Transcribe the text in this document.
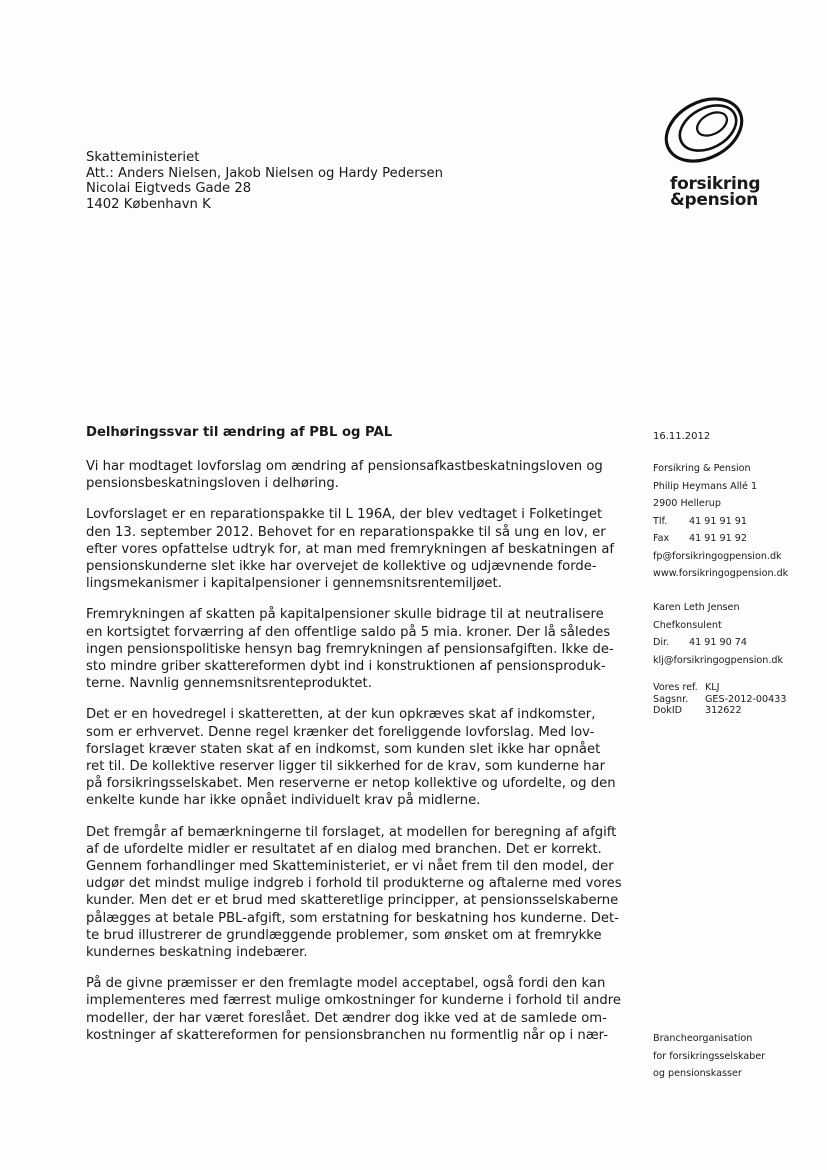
Skatteministeriet
Att.: Anders Nielsen, Jakob Nielsen og Hardy Pedersen
Nicolai Eigtveds Gade 28
1402 København K
forsikring
&pension
Delhøringssvar til ændring af PBL og PAL

Vi har modtaget lovforslag om ændring af pensionsafkastbeskatningsloven og
pensionsbeskatningsloven i delhøring.

Lovforslaget er en reparationspakke til L 196A, der blev vedtaget i Folketinget
den 13. september 2012. Behovet for en reparationspakke til så ung en lov, er
efter vores opfattelse udtryk for, at man med fremrykningen af beskatningen af
pensionskunderne slet ikke har overvejet de kollektive og udjævnende forde-
lingsmekanismer i kapitalpensioner i gennemsnitsrentemiljøet.

Fremrykningen af skatten på kapitalpensioner skulle bidrage til at neutralisere
en kortsigtet forværring af den offentlige saldo på 5 mia. kroner. Der lå således
ingen pensionspolitiske hensyn bag fremrykningen af pensionsafgiften. Ikke de-
sto mindre griber skattereformen dybt ind i konstruktionen af pensionsproduk-
terne. Navnlig gennemsnitsrenteproduktet.

Det er en hovedregel i skatteretten, at der kun opkræves skat af indkomster,
som er erhvervet. Denne regel krænker det foreliggende lovforslag. Med lov-
forslaget kræver staten skat af en indkomst, som kunden slet ikke har opnået
ret til. De kollektive reserver ligger til sikkerhed for de krav, som kunderne har
på forsikringsselskabet. Men reserverne er netop kollektive og ufordelte, og den
enkelte kunde har ikke opnået individuelt krav på midlerne.

Det fremgår af bemærkningerne til forslaget, at modellen for beregning af afgift
af de ufordelte midler er resultatet af en dialog med branchen. Det er korrekt.
Gennem forhandlinger med Skatteministeriet, er vi nået frem til den model, der
udgør det mindst mulige indgreb i forhold til produkterne og aftalerne med vores
kunder. Men det er et brud med skatteretlige principper, at pensionsselskaberne
pålægges at betale PBL-afgift, som erstatning for beskatning hos kunderne. Det-
te brud illustrerer de grundlæggende problemer, som ønsket om at fremrykke
kundernes beskatning indebærer.

På de givne præmisser er den fremlagte model acceptabel, også fordi den kan
implementeres med færrest mulige omkostninger for kunderne i forhold til andre
modeller, der har været foreslået. Det ændrer dog ikke ved at de samlede om-
kostninger af skattereformen for pensionsbranchen nu formentlig når op i nær-

16.11.2012
Forsikring & Pension
Philip Heymans Allé 1
2900 Hellerup
Tlf.	41 91 91 91
Fax	41 91 91 92
fp@forsikringogpension.dk
www.forsikringogpension.dk
Karen Leth Jensen
Chefkonsulent
Dir.	41 91 90 74
klj@forsikringogpension.dk
Vores ref. KLJ
Sagsnr.	GES-2012-00433
DokID	312622
Brancheorganisation
for forsikringsselskaber
og pensionskasser
